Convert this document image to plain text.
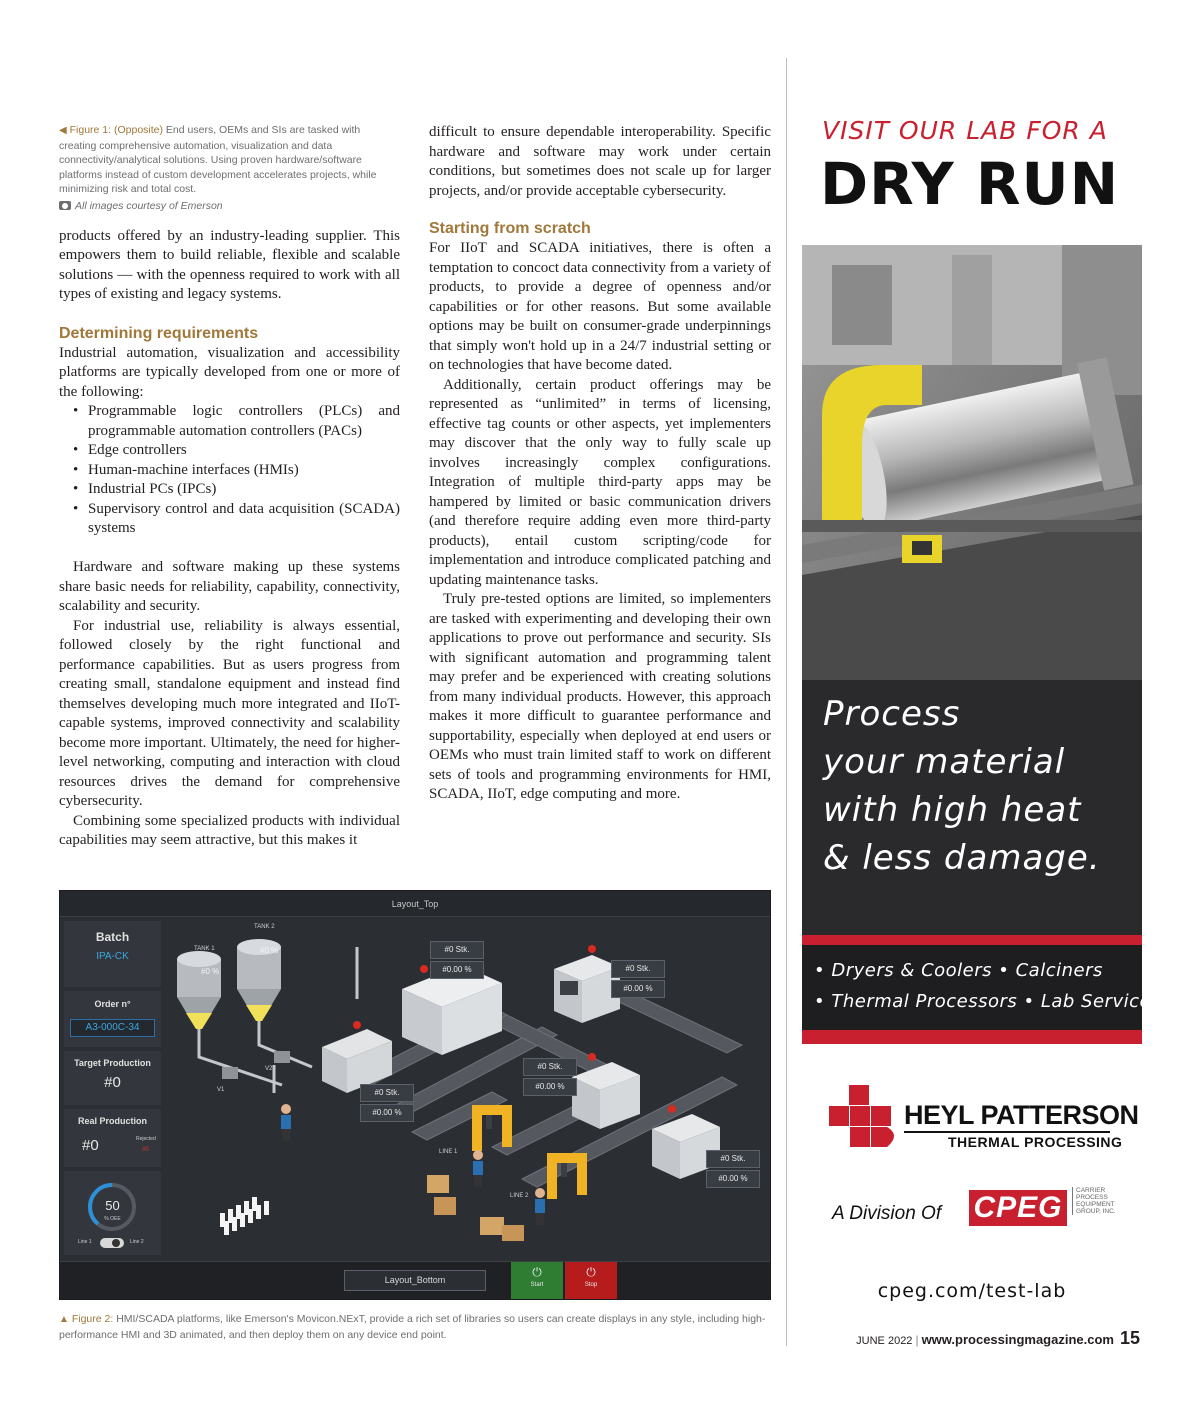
◀ Figure 1: (Opposite) End users, OEMs and SIs are tasked with creating comprehensive automation, visualization and data connectivity/analytical solutions. Using proven hardware/software platforms instead of custom development accelerates projects, while minimizing risk and total cost.
All images courtesy of Emerson

products offered by an industry-leading supplier. This empowers them to build reliable, flexible and scalable solutions — with the openness required to work with all types of existing and legacy systems.

Determining requirements

Industrial automation, visualization and accessibility platforms are typically developed from one or more of the following:

• Programmable logic controllers (PLCs) and programmable automation controllers (PACs)
• Edge controllers
• Human-machine interfaces (HMIs)
• Industrial PCs (IPCs)
• Supervisory control and data acquisition (SCADA) systems

Hardware and software making up these systems share basic needs for reliability, capability, connectivity, scalability and security.

For industrial use, reliability is always essential, followed closely by the right functional and performance capabilities. But as users progress from creating small, standalone equipment and instead find themselves developing much more integrated and IIoT-capable systems, improved connectivity and scalability become more important. Ultimately, the need for higher-level networking, computing and interaction with cloud resources drives the demand for comprehensive cybersecurity.

Combining some specialized products with individual capabilities may seem attractive, but this makes it

difficult to ensure dependable interoperability. Specific hardware and software may work under certain conditions, but sometimes does not scale up for larger projects, and/or provide acceptable cybersecurity.

Starting from scratch

For IIoT and SCADA initiatives, there is often a temptation to concoct data connectivity from a variety of products, to provide a degree of openness and/or capabilities or for other reasons. But some available options may be built on consumer-grade underpinnings that simply won't hold up in a 24/7 industrial setting or on technologies that have become dated.

Additionally, certain product offerings may be represented as “unlimited” in terms of licensing, effective tag counts or other aspects, yet implementers may discover that the only way to fully scale up involves increasingly complex configurations. Integration of multiple third-party apps may be hampered by limited or basic communication drivers (and therefore require adding even more third-party products), entail custom scripting/code for implementation and introduce complicated patching and updating maintenance tasks.

Truly pre-tested options are limited, so implementers are tasked with experimenting and developing their own applications to prove out performance and security. SIs with significant automation and programming talent may prefer and be experienced with creating solutions from many individual products. However, this approach makes it more difficult to guarantee performance and supportability, especially when deployed at end users or OEMs who must train limited staff to work on different sets of tools and programming environments for HMI, SCADA, IIoT, edge computing and more.

Layout_Top
Batch
IPA-CK
Order n°
A3-000C-34
Target Production
#0
Real Production
#0	Rejected
#0
50
% OEE
Line 1	Line 2
TANK 1
TANK 2
#0 %
#0 %
V1
V2
LINE 1
LINE 2
#0 Stk.
#0.00 %	#0 Stk.
#0.00 %
#0 Stk.
#0.00 %
#0 Stk.
#0.00 %
#0 Stk.
#0.00 %
Layout_Bottom
⏻
Start
⏻
Stop
▲ Figure 2: HMI/SCADA platforms, like Emerson's Movicon.NExT, provide a rich set of libraries so users can create displays in any style, including high-performance HMI and 3D animated, and then deploy them on any device end point.
VISIT OUR LAB FOR A
DRY RUN
Process
your material
with high heat
& less damage.
• Dryers & Coolers • Calciners
• Thermal Processors • Lab Service
HEYL PATTERSON
THERMAL PROCESSING
A Division Of CPEG
CARRIER
PROCESS
EQUIPMENT
GROUP, INC.
cpeg.com/test-lab
JUNE 2022 | www.processingmagazine.com 15
